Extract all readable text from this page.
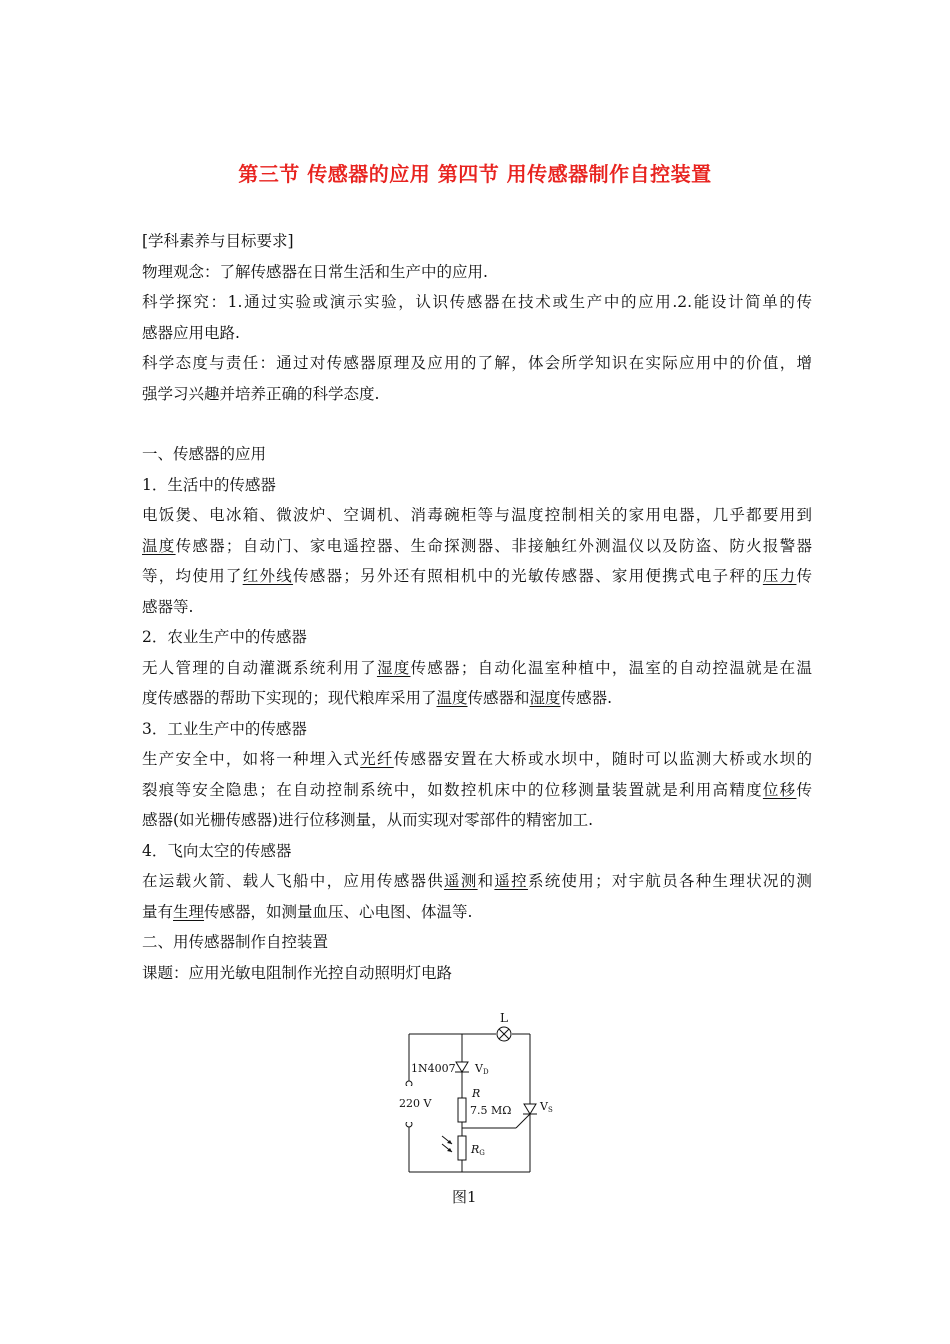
第三节 传感器的应用 第四节 用传感器制作自控装置
[学科素养与目标要求]
物理观念：了解传感器在日常生活和生产中的应用.
科学探究：1.通过实验或演示实验，认识传感器在技术或生产中的应用.2.能设计简单的传
感器应用电路.
科学态度与责任：通过对传感器原理及应用的了解，体会所学知识在实际应用中的价值，增
强学习兴趣并培养正确的科学态度.
一、传感器的应用
1．生活中的传感器
电饭煲、电冰箱、微波炉、空调机、消毒碗柜等与温度控制相关的家用电器，几乎都要用到
温度传感器；自动门、家电遥控器、生命探测器、非接触红外测温仪以及防盗、防火报警器
等，均使用了红外线传感器；另外还有照相机中的光敏传感器、家用便携式电子秤的压力传
感器等.
2．农业生产中的传感器
无人管理的自动灌溉系统利用了湿度传感器；自动化温室种植中，温室的自动控温就是在温
度传感器的帮助下实现的；现代粮库采用了温度传感器和湿度传感器.
3．工业生产中的传感器
生产安全中，如将一种埋入式光纤传感器安置在大桥或水坝中，随时可以监测大桥或水坝的
裂痕等安全隐患；在自动控制系统中，如数控机床中的位移测量装置就是利用高精度位移传
感器(如光栅传感器)进行位移测量，从而实现对零部件的精密加工.
4．飞向太空的传感器
在运载火箭、载人飞船中，应用传感器供遥测和遥控系统使用；对宇航员各种生理状况的测
量有生理传感器，如测量血压、心电图、体温等.
二、用传感器制作自控装置
课题：应用光敏电阻制作光控自动照明灯电路
L
1N4007 VD
220 V
R
7.5 MΩ	VS
RG
图1
